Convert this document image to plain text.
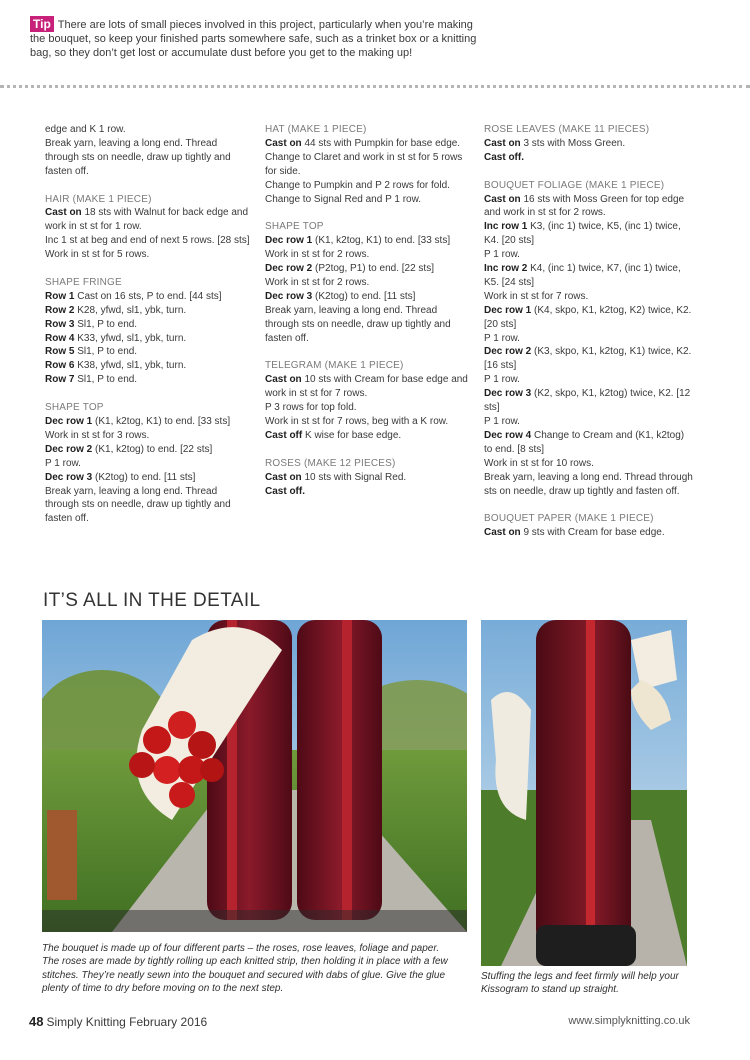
Tip There are lots of small pieces involved in this project, particularly when you’re making the bouquet, so keep your finished parts somewhere safe, such as a trinket box or a knitting bag, so they don’t get lost or accumulate dust before you get to the making up!

edge and K 1 row.

Break yarn, leaving a long end. Thread through sts on needle, draw up tightly and fasten off.

HAIR (MAKE 1 PIECE)

Cast on 18 sts with Walnut for back edge and work in st st for 1 row.

Inc 1 st at beg and end of next 5 rows. [28 sts]

Work in st st for 5 rows.

SHAPE FRINGE

Row 1 Cast on 16 sts, P to end. [44 sts]

Row 2 K28, yfwd, sl1, ybk, turn.

Row 3 Sl1, P to end.

Row 4 K33, yfwd, sl1, ybk, turn.

Row 5 Sl1, P to end.

Row 6 K38, yfwd, sl1, ybk, turn.

Row 7 Sl1, P to end.

SHAPE TOP

Dec row 1 (K1, k2tog, K1) to end. [33 sts]

Work in st st for 3 rows.

Dec row 2 (K1, k2tog) to end. [22 sts]

P 1 row.

Dec row 3 (K2tog) to end. [11 sts]

Break yarn, leaving a long end. Thread through sts on needle, draw up tightly and fasten off.

HAT (MAKE 1 PIECE)

Cast on 44 sts with Pumpkin for base edge.

Change to Claret and work in st st for 5 rows for side.

Change to Pumpkin and P 2 rows for fold.

Change to Signal Red and P 1 row.

SHAPE TOP

Dec row 1 (K1, k2tog, K1) to end. [33 sts]

Work in st st for 2 rows.

Dec row 2 (P2tog, P1) to end. [22 sts]

Work in st st for 2 rows.

Dec row 3 (K2tog) to end. [11 sts]

Break yarn, leaving a long end. Thread through sts on needle, draw up tightly and fasten off.

TELEGRAM (MAKE 1 PIECE)

Cast on 10 sts with Cream for base edge and work in st st for 7 rows.

P 3 rows for top fold.

Work in st st for 7 rows, beg with a K row.

Cast off K wise for base edge.

ROSES (MAKE 12 PIECES)

Cast on 10 sts with Signal Red.

Cast off.

ROSE LEAVES (MAKE 11 PIECES)

Cast on 3 sts with Moss Green.

Cast off.

BOUQUET FOLIAGE (MAKE 1 PIECE)

Cast on 16 sts with Moss Green for top edge and work in st st for 2 rows.

Inc row 1 K3, (inc 1) twice, K5, (inc 1) twice, K4. [20 sts]

P 1 row.

Inc row 2 K4, (inc 1) twice, K7, (inc 1) twice, K5. [24 sts]

Work in st st for 7 rows.

Dec row 1 (K4, skpo, K1, k2tog, K2) twice, K2. [20 sts]

P 1 row.

Dec row 2 (K3, skpo, K1, k2tog, K1) twice, K2. [16 sts]

P 1 row.

Dec row 3 (K2, skpo, K1, k2tog) twice, K2. [12 sts]

P 1 row.

Dec row 4 Change to Cream and (K1, k2tog) to end. [8 sts]

Work in st st for 10 rows.

Break yarn, leaving a long end. Thread through sts on needle, draw up tightly and fasten off.

BOUQUET PAPER (MAKE 1 PIECE)

Cast on 9 sts with Cream for base edge.

IT’S ALL IN THE DETAIL
The bouquet is made up of four different parts – the roses, rose leaves, foliage and paper. The roses are made by tightly rolling up each knitted strip, then holding it in place with a few stitches. They’re neatly sewn into the bouquet and secured with dabs of glue. Give the glue plenty of time to dry before moving on to the next step.
Stuffing the legs and feet firmly will help your Kissogram to stand up straight.
48 Simply Knitting February 2016	www.simplyknitting.co.uk
